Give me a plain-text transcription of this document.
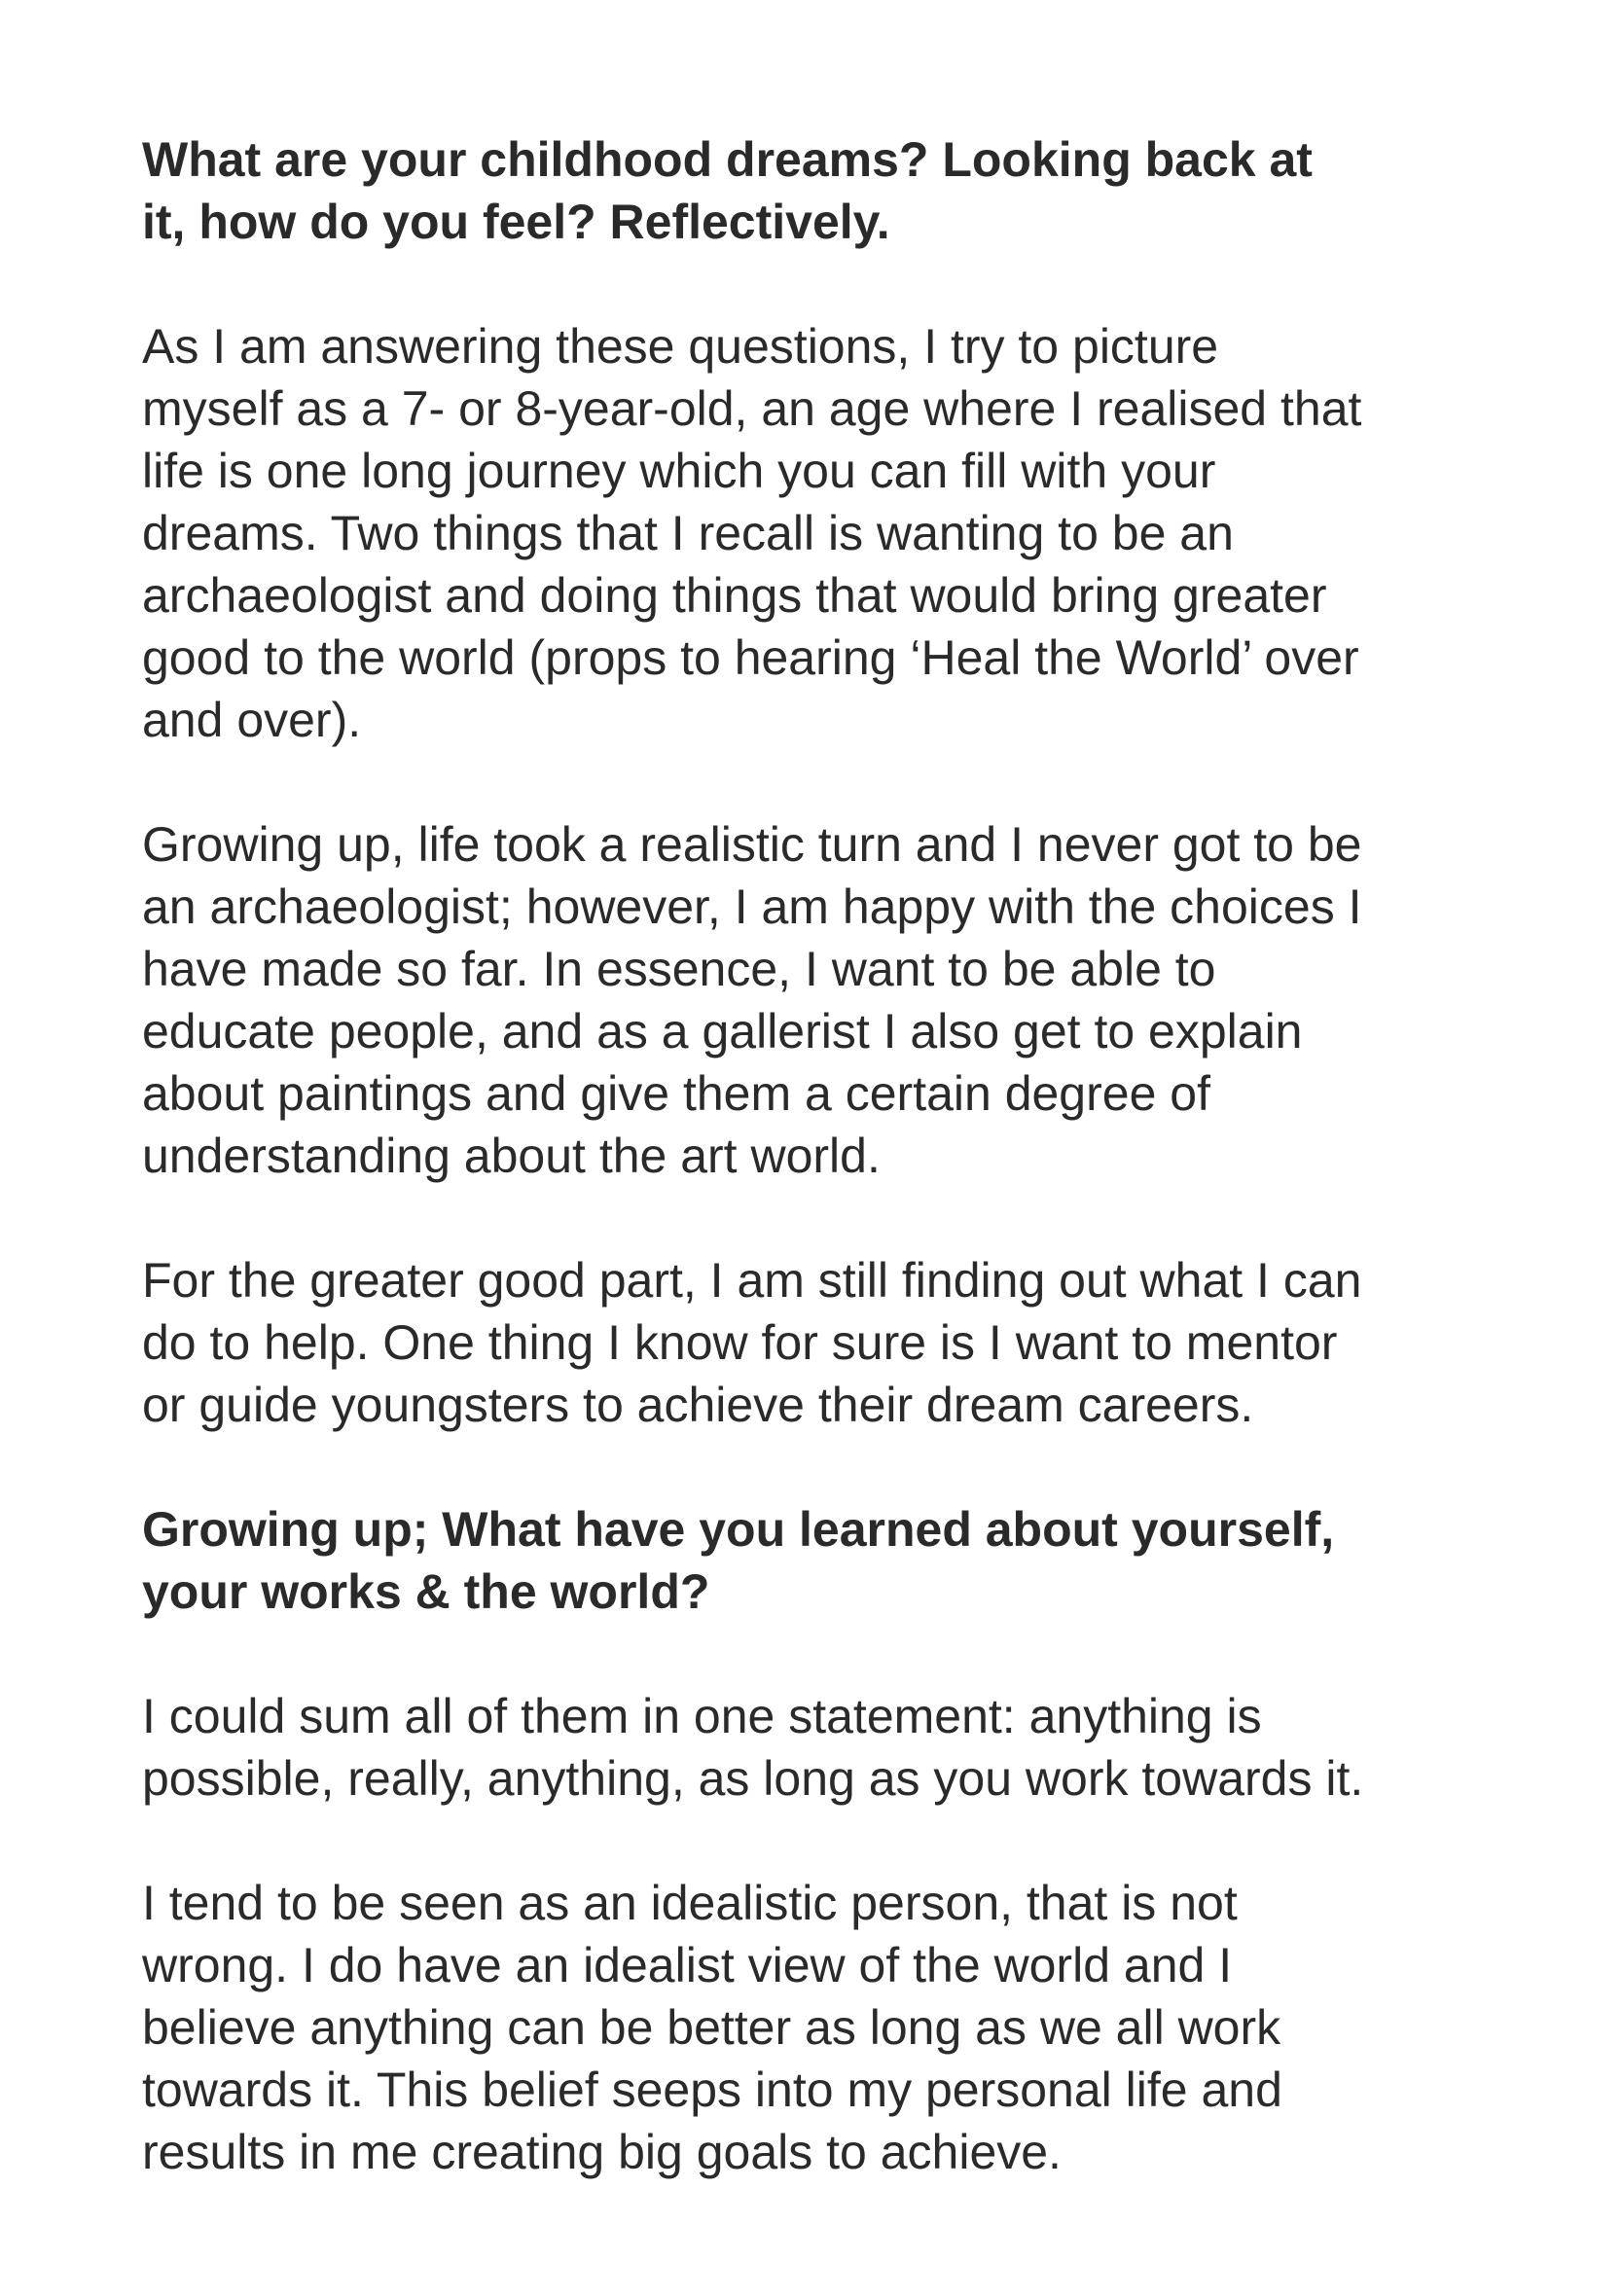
What are your childhood dreams? Looking back at
it, how do you feel? Reflectively.
As I am answering these questions, I try to picture
myself as a 7- or 8-year-old, an age where I realised that
life is one long journey which you can fill with your
dreams. Two things that I recall is wanting to be an
archaeologist and doing things that would bring greater
good to the world (props to hearing ‘Heal the World’ over
and over).
Growing up, life took a realistic turn and I never got to be
an archaeologist; however, I am happy with the choices I
have made so far. In essence, I want to be able to
educate people, and as a gallerist I also get to explain
about paintings and give them a certain degree of
understanding about the art world.
For the greater good part, I am still finding out what I can
do to help. One thing I know for sure is I want to mentor
or guide youngsters to achieve their dream careers.
Growing up; What have you learned about yourself,
your works & the world?
I could sum all of them in one statement: anything is
possible, really, anything, as long as you work towards it.
I tend to be seen as an idealistic person, that is not
wrong. I do have an idealist view of the world and I
believe anything can be better as long as we all work
towards it. This belief seeps into my personal life and
results in me creating big goals to achieve.
